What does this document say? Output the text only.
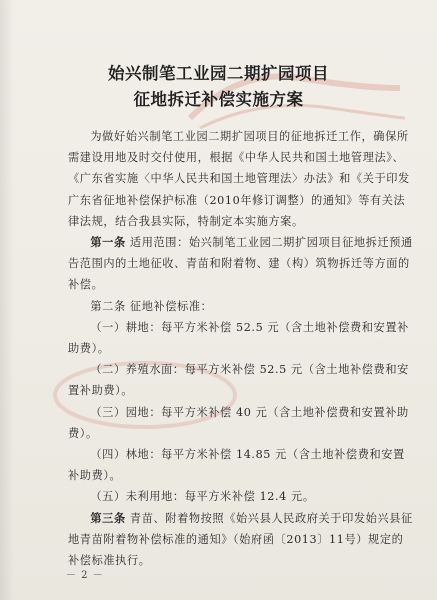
始兴制笔工业园二期扩园项目
征地拆迁补偿实施方案

为做好始兴制笔工业园二期扩园项目的征地拆迁工作，确保所需建设用地及时交付使用，根据《中华人民共和国土地管理法》、《广东省实施〈中华人民共和国土地管理法〉办法》和《关于印发广东省征地补偿保护标准（2010年修订调整）的通知》等有关法律法规，结合我县实际，特制定本实施方案。

第一条 适用范围：始兴制笔工业园二期扩园项目征地拆迁预通告范围内的土地征收、青苗和附着物、建（构）筑物拆迁等方面的补偿。

第二条 征地补偿标准：

（一）耕地：每平方米补偿 52.5 元（含土地补偿费和安置补助费）。

（二）养殖水面：每平方米补偿 52.5 元（含土地补偿费和安置补助费）。

（三）园地：每平方米补偿 40 元（含土地补偿费和安置补助费）。

（四）林地：每平方米补偿 14.85 元（含土地补偿费和安置补助费）。

（五）未利用地：每平方米补偿 12.4 元。

第三条 青苗、附着物按照《始兴县人民政府关于印发始兴县征地青苗附着物补偿标准的通知》（始府函〔2013〕11号）规定的补偿标准执行。

－ 2 －
